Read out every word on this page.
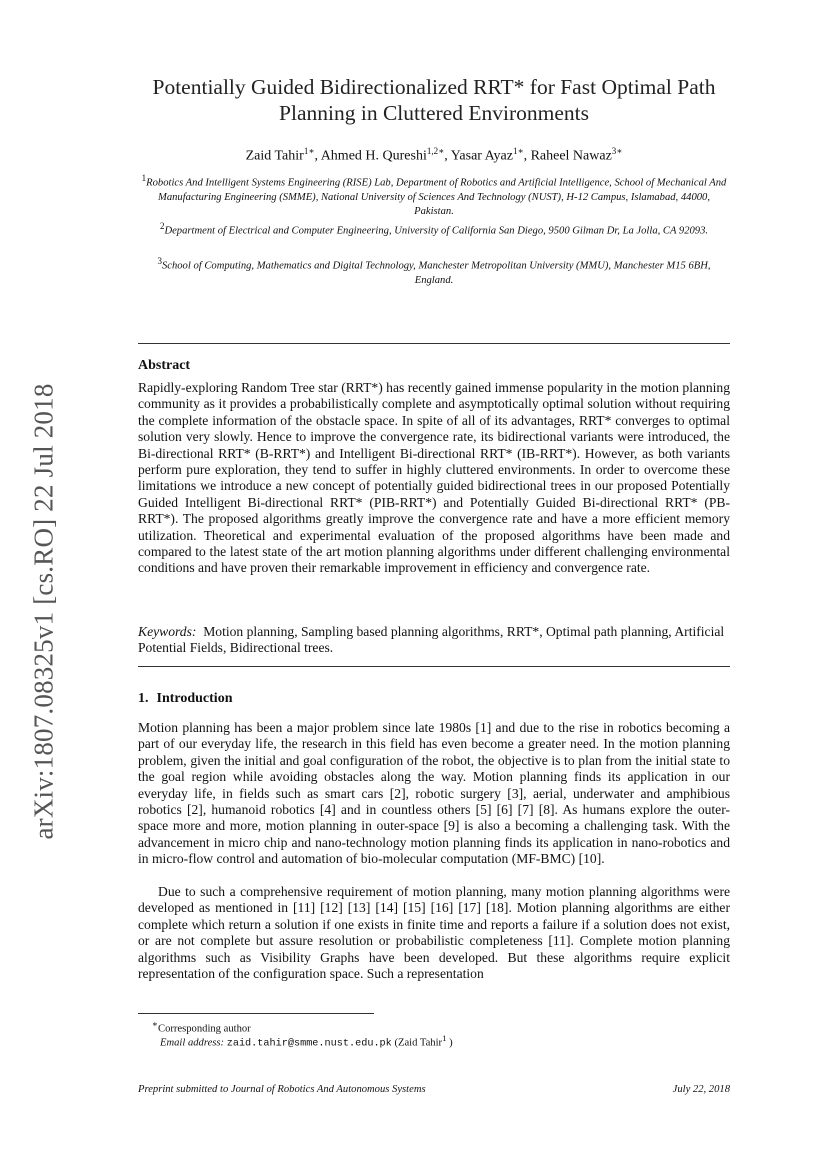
arXiv:1807.08325v1 [cs.RO] 22 Jul 2018
Potentially Guided Bidirectionalized RRT* for Fast Optimal Path
Planning in Cluttered Environments
Zaid Tahir$^{1∗}$, Ahmed H. Qureshi$^{1,2∗}$, Yasar Ayaz$^{1∗}$, Raheel Nawaz$^{3∗}$
$^1$Robotics And Intelligent Systems Engineering (RISE) Lab, Department of Robotics and Artificial Intelligence, School of Mechanical And Manufacturing Engineering (SMME), National University of Sciences And Technology (NUST), H-12 Campus, Islamabad, 44000, Pakistan.
$^2$Department of Electrical and Computer Engineering, University of California San Diego, 9500 Gilman Dr, La Jolla, CA 92093.
$^3$School of Computing, Mathematics and Digital Technology, Manchester Metropolitan University (MMU), Manchester M15 6BH, England.
Abstract
Rapidly-exploring Random Tree star (RRT*) has recently gained immense popularity in the motion planning community as it provides a probabilistically complete and asymptotically optimal solution without requiring the complete information of the obstacle space. In spite of all of its advantages, RRT* converges to optimal solution very slowly. Hence to improve the convergence rate, its bidirectional variants were introduced, the Bi-directional RRT* (B-RRT*) and Intelligent Bi-directional RRT* (IB-RRT*). However, as both variants perform pure exploration, they tend to suffer in highly cluttered environments. In order to overcome these limitations we introduce a new concept of potentially guided bidirectional trees in our proposed Potentially Guided Intelligent Bi-directional RRT* (PIB-RRT*) and Potentially Guided Bi-directional RRT* (PB-RRT*). The proposed algorithms greatly improve the convergence rate and have a more efficient memory utilization. Theoretical and experimental evaluation of the proposed algorithms have been made and compared to the latest state of the art motion planning algorithms under different challenging environmental conditions and have proven their remarkable improvement in efficiency and convergence rate.
Keywords: Motion planning, Sampling based planning algorithms, RRT*, Optimal path planning, Artificial Potential Fields, Bidirectional trees.
1. Introduction
Motion planning has been a major problem since late 1980s [1] and due to the rise in robotics becoming a part of our everyday life, the research in this field has even become a greater need. In the motion planning problem, given the initial and goal configuration of the robot, the objective is to plan from the initial state to the goal region while avoiding obstacles along the way. Motion planning finds its application in our everyday life, in fields such as smart cars [2], robotic surgery [3], aerial, underwater and amphibious robotics [2], humanoid robotics [4] and in countless others [5] [6] [7] [8]. As humans explore the outer-space more and more, motion planning in outer-space [9] is also a becoming a challenging task. With the advancement in micro chip and nano-technology motion planning finds its application in nano-robotics and in micro-flow control and automation of bio-molecular computation (MF-BMC) [10].
Due to such a comprehensive requirement of motion planning, many motion planning algorithms were developed as mentioned in [11] [12] [13] [14] [15] [16] [17] [18]. Motion planning algorithms are either complete which return a solution if one exists in finite time and reports a failure if a solution does not exist, or are not complete but assure resolution or probabilistic completeness [11]. Complete motion planning algorithms such as Visibility Graphs have been developed. But these algorithms require explicit representation of the configuration space. Such a representation
∗Corresponding author
Email address: zaid.tahir@smme.nust.edu.pk (Zaid Tahir$^1$ )
Preprint submitted to Journal of Robotics And Autonomous Systems	July 22, 2018
